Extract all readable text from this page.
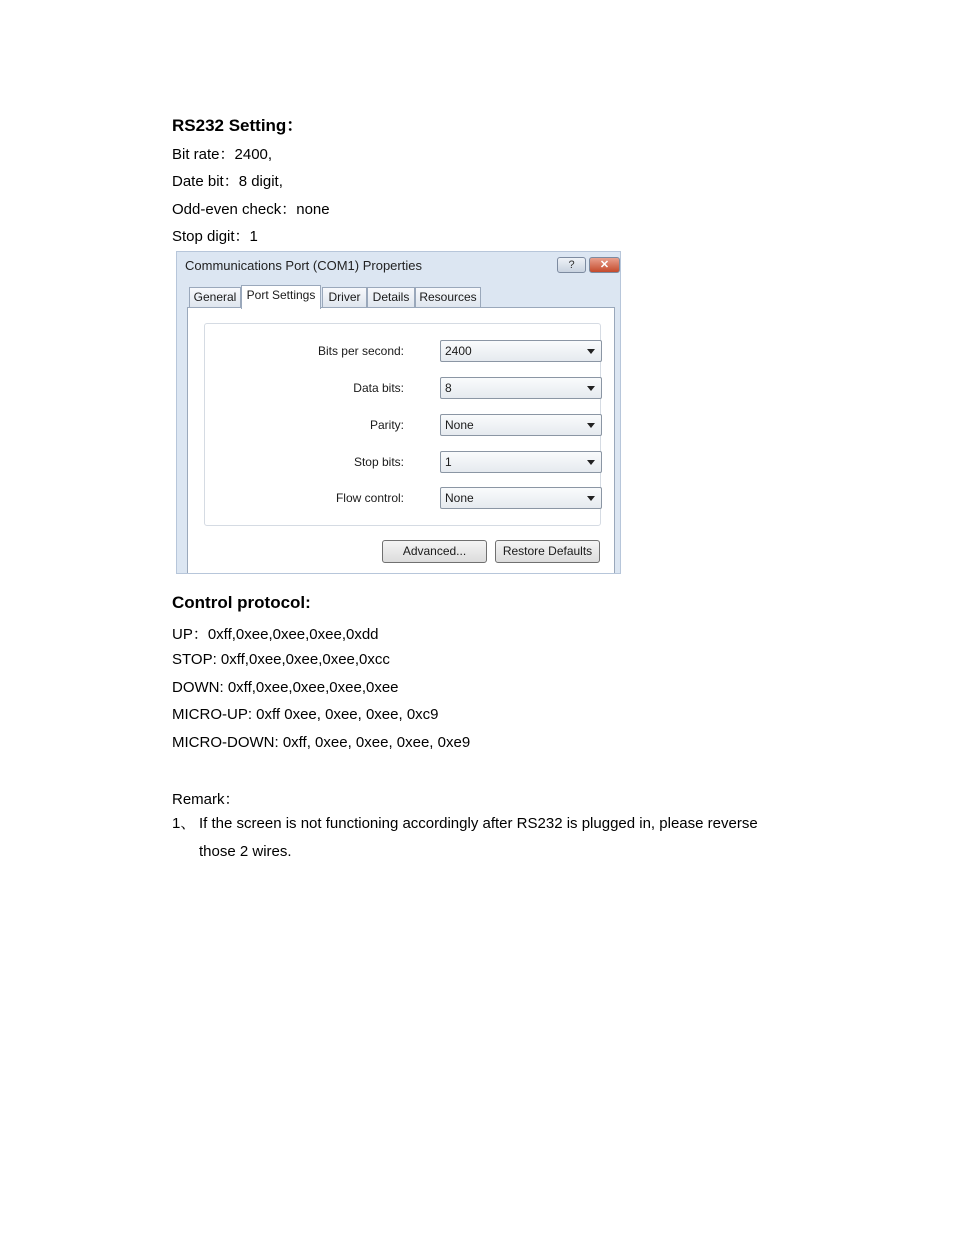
RS232 Setting：
Bit rate：2400,
Date bit：8 digit,
Odd-even check：none
Stop digit：1
Communications Port (COM1) Properties	?	✕
General Port Settings	Driver	Details Resources
Bits per second:	2400
Data bits:	8
Parity:	None
Stop bits:	1
Flow control:	None
Advanced...	Restore Defaults
Control protocol:
UP：0xff,0xee,0xee,0xee,0xdd
STOP: 0xff,0xee,0xee,0xee,0xcc
DOWN: 0xff,0xee,0xee,0xee,0xee
MICRO-UP: 0xff 0xee, 0xee, 0xee, 0xc9
MICRO-DOWN: 0xff, 0xee, 0xee, 0xee, 0xe9
Remark：
1、 If the screen is not functioning accordingly after RS232 is plugged in, please reverse those 2 wires.
